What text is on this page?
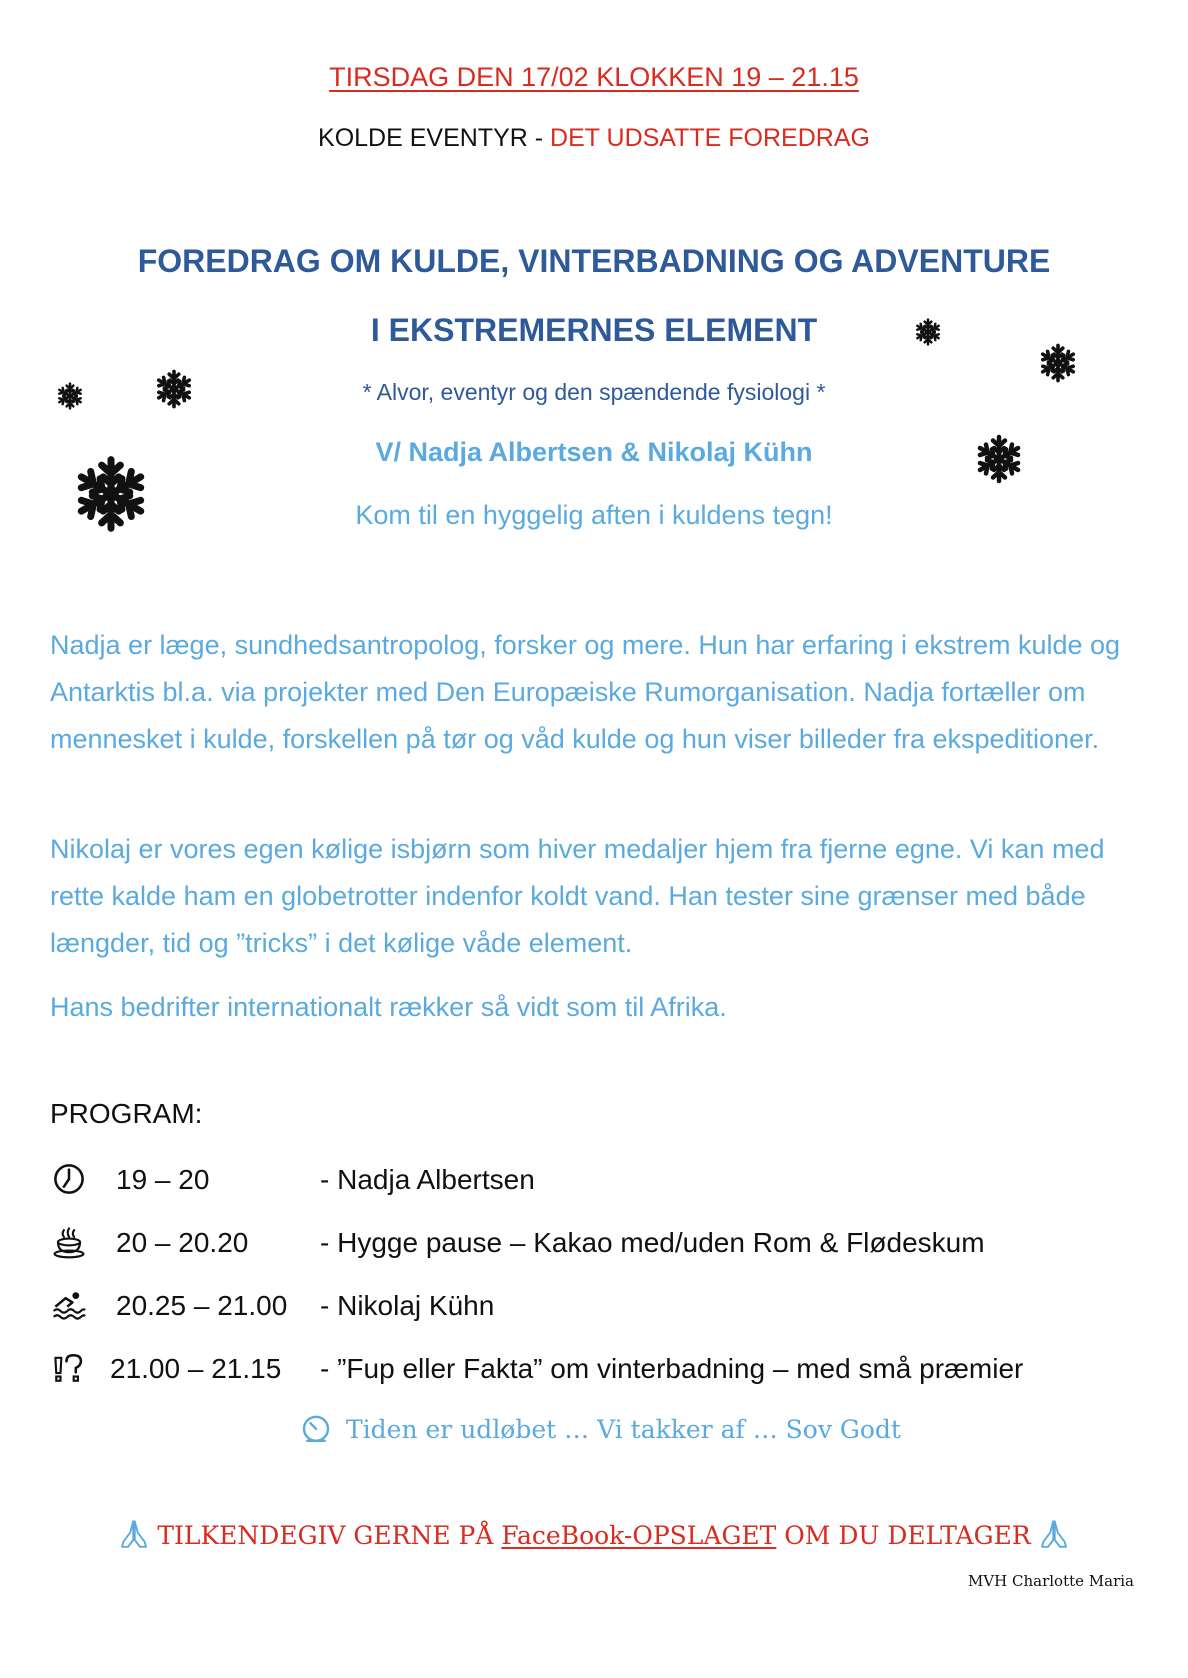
TIRSDAG DEN 17/02 KLOKKEN 19 – 21.15
KOLDE EVENTYR - DET UDSATTE FOREDRAG
FOREDRAG OM KULDE, VINTERBADNING OG ADVENTURE
I EKSTREMERNES ELEMENT
* Alvor, eventyr og den spændende fysiologi *
V/ Nadja Albertsen & Nikolaj Kühn
Kom til en hyggelig aften i kuldens tegn!

Nadja er læge, sundhedsantropolog, forsker og mere. Hun har erfaring i ekstrem kulde og Antarktis bl.a. via projekter med Den Europæiske Rumorganisation. Nadja fortæller om mennesket i kulde, forskellen på tør og våd kulde og hun viser billeder fra ekspeditioner.

Nikolaj er vores egen kølige isbjørn som hiver medaljer hjem fra fjerne egne. Vi kan med rette kalde ham en globetrotter indenfor koldt vand. Han tester sine grænser med både længder, tid og ”tricks” i det kølige våde element.

Hans bedrifter internationalt rækker så vidt som til Afrika.

PROGRAM:
19 – 20	- Nadja Albertsen
20 – 20.20	- Hygge pause – Kakao med/uden Rom & Flødeskum
20.25 – 21.00 - Nikolaj Kühn
21.00 – 21.15 - ”Fup eller Fakta” om vinterbadning – med små præmier
Tiden er udløbet … Vi takker af … Sov Godt
TILKENDEGIV GERNE PÅ FaceBook-OPSLAGET OM DU DELTAGER
MVH Charlotte Maria
